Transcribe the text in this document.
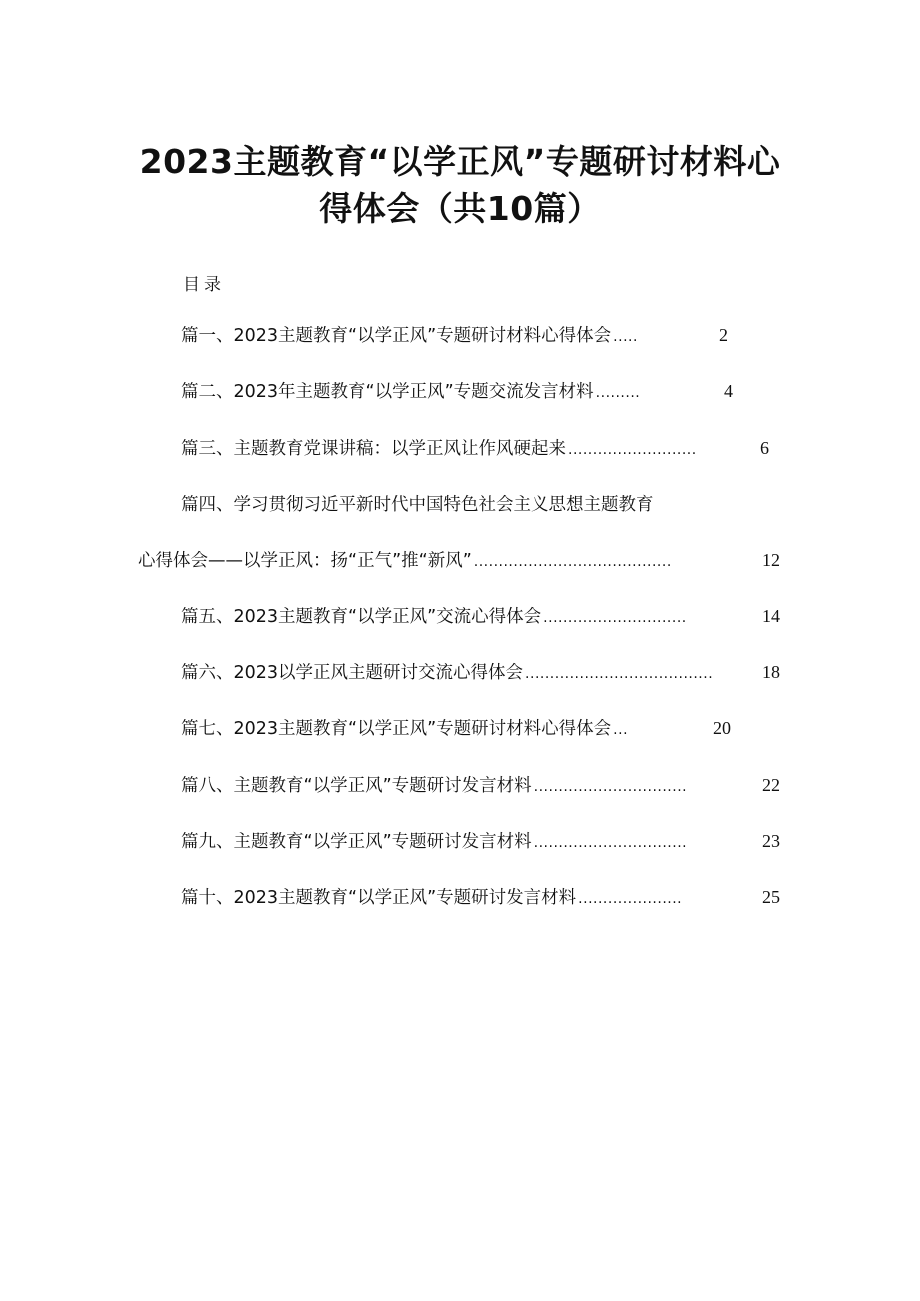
2023主题教育“以学正风”专题研讨材料心
得体会（共10篇）
目录
篇一、2023主题教育“以学正风”专题研讨材料心得体会 .....	2
篇二、2023年主题教育“以学正风”专题交流发言材料 .........	4
篇三、主题教育党课讲稿：以学正风让作风硬起来 ..........................	6
篇四、学习贯彻习近平新时代中国特色社会主义思想主题教育
心得体会——以学正风：扬“正气”推“新风” ........................................	12
篇五、2023主题教育“以学正风”交流心得体会 .............................	14
篇六、2023以学正风主题研讨交流心得体会 ......................................	18
篇七、2023主题教育“以学正风”专题研讨材料心得体会 ...	20
篇八、主题教育“以学正风”专题研讨发言材料 ...............................	22
篇九、主题教育“以学正风”专题研讨发言材料 ...............................	23
篇十、2023主题教育“以学正风”专题研讨发言材料 .....................	25
